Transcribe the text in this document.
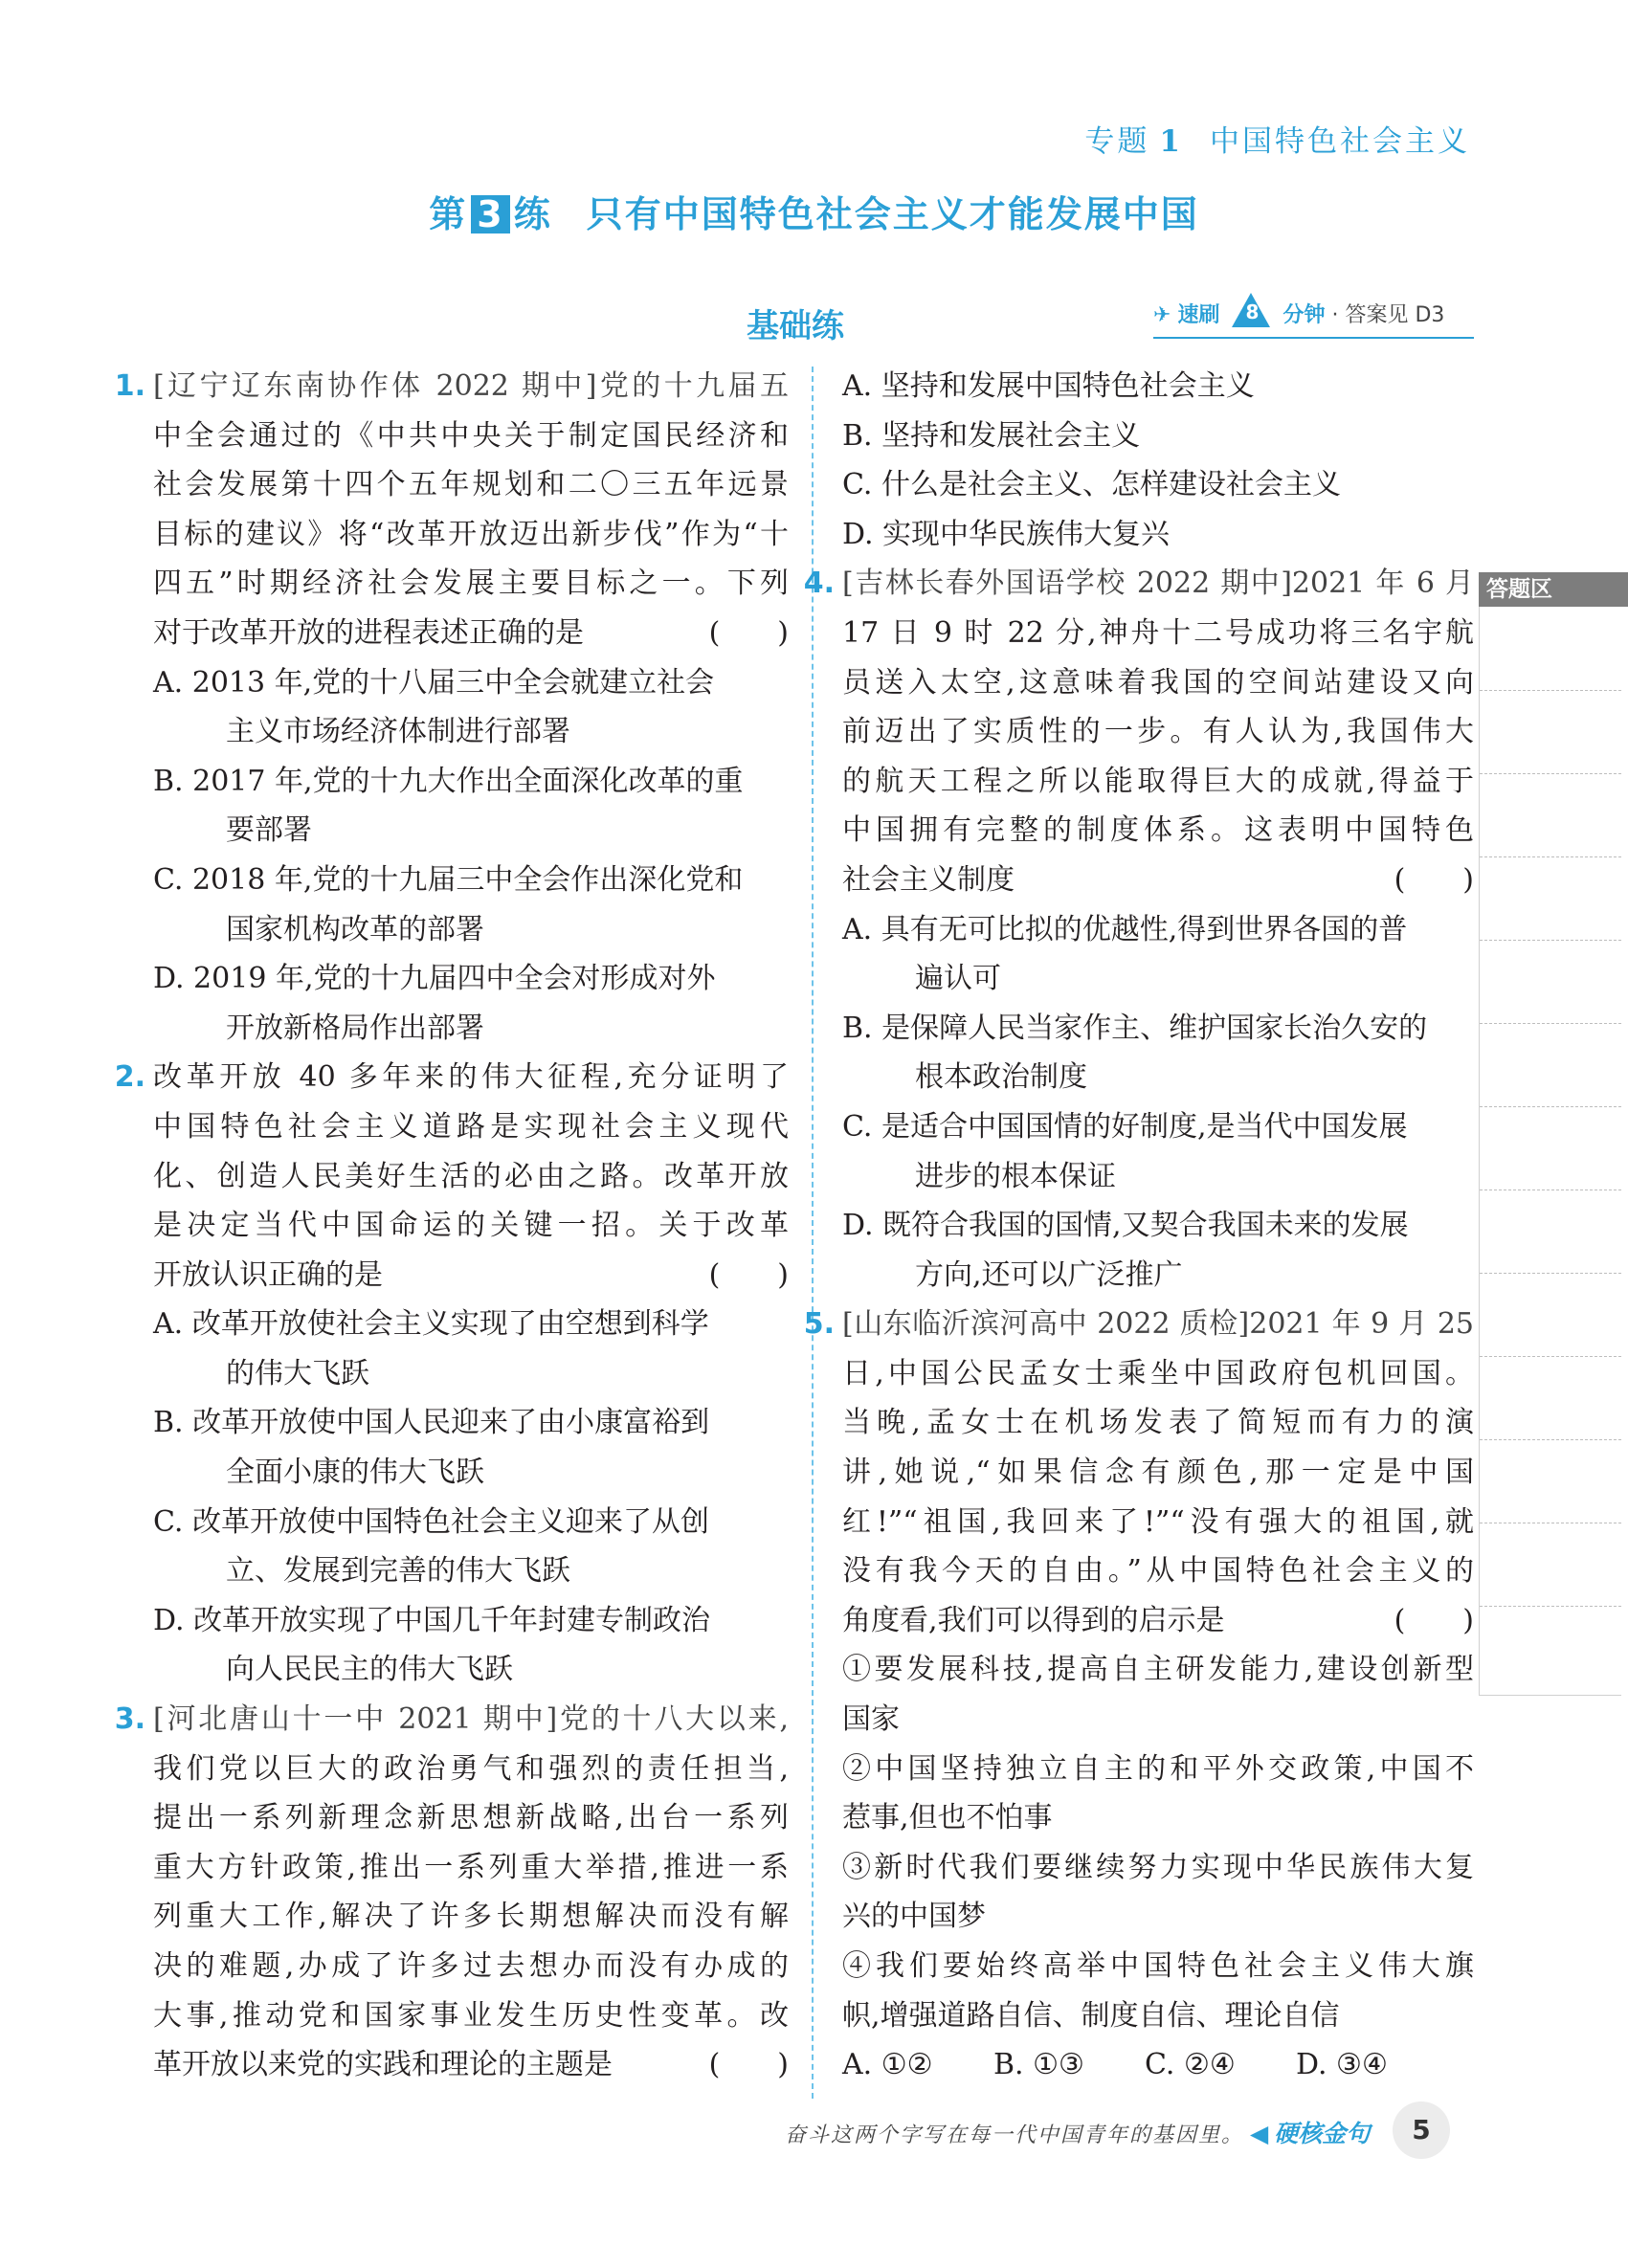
专题 1 中国特色社会主义
第 3 练 只有中国特色社会主义才能发展中国
基础练	✈ 速刷 8 分钟 · 答案见 D3
1. [辽宁辽东南协作体 2022 期中]党的十九届五
中全会通过的《中共中央关于制定国民经济和
社会发展第十四个五年规划和二〇三五年远景
目标的建议》将“改革开放迈出新步伐”作为“十
四五”时期经济社会发展主要目标之一。下列
对于改革开放的进程表述正确的是	(　　)
A. 2013 年,党的十八届三中全会就建立社会
主义市场经济体制进行部署
B. 2017 年,党的十九大作出全面深化改革的重
要部署
C. 2018 年,党的十九届三中全会作出深化党和
国家机构改革的部署
D. 2019 年,党的十九届四中全会对形成对外
开放新格局作出部署
2. 改革开放 40 多年来的伟大征程,充分证明了
中国特色社会主义道路是实现社会主义现代
化、创造人民美好生活的必由之路。改革开放
是决定当代中国命运的关键一招。关于改革
开放认识正确的是	(　　)
A. 改革开放使社会主义实现了由空想到科学
的伟大飞跃
B. 改革开放使中国人民迎来了由小康富裕到
全面小康的伟大飞跃
C. 改革开放使中国特色社会主义迎来了从创
立、发展到完善的伟大飞跃
D. 改革开放实现了中国几千年封建专制政治
向人民民主的伟大飞跃
3. [河北唐山十一中 2021 期中]党的十八大以来,
我们党以巨大的政治勇气和强烈的责任担当,
提出一系列新理念新思想新战略,出台一系列
重大方针政策,推出一系列重大举措,推进一系
列重大工作,解决了许多长期想解决而没有解
决的难题,办成了许多过去想办而没有办成的
大事,推动党和国家事业发生历史性变革。改
革开放以来党的实践和理论的主题是	(　　)
A. 坚持和发展中国特色社会主义
B. 坚持和发展社会主义
C. 什么是社会主义、怎样建设社会主义
D. 实现中华民族伟大复兴
4. [吉林长春外国语学校 2022 期中]2021 年 6 月
17 日 9 时 22 分,神舟十二号成功将三名宇航
员送入太空,这意味着我国的空间站建设又向
前迈出了实质性的一步。有人认为,我国伟大
的航天工程之所以能取得巨大的成就,得益于
中国拥有完整的制度体系。这表明中国特色
社会主义制度	(　　)
A. 具有无可比拟的优越性,得到世界各国的普
遍认可
B. 是保障人民当家作主、维护国家长治久安的
根本政治制度
C. 是适合中国国情的好制度,是当代中国发展
进步的根本保证
D. 既符合我国的国情,又契合我国未来的发展
方向,还可以广泛推广
5. [山东临沂滨河高中 2022 质检]2021 年 9 月 25
日,中国公民孟女士乘坐中国政府包机回国。
当晚,孟女士在机场发表了简短而有力的演
讲,她说,“如果信念有颜色,那一定是中国
红!”“祖国,我回来了!”“没有强大的祖国,就
没有我今天的自由。”从中国特色社会主义的
角度看,我们可以得到的启示是	(　　)
①要发展科技,提高自主研发能力,建设创新型
国家
②中国坚持独立自主的和平外交政策,中国不
惹事,但也不怕事
③新时代我们要继续努力实现中华民族伟大复
兴的中国梦
④我们要始终高举中国特色社会主义伟大旗
帜,增强道路自信、制度自信、理论自信
A. ①②	B. ①③	C. ②④	D. ③④
答题区
奋斗这两个字写在每一代中国青年的基因里。 ◀ 硬核金句	5
